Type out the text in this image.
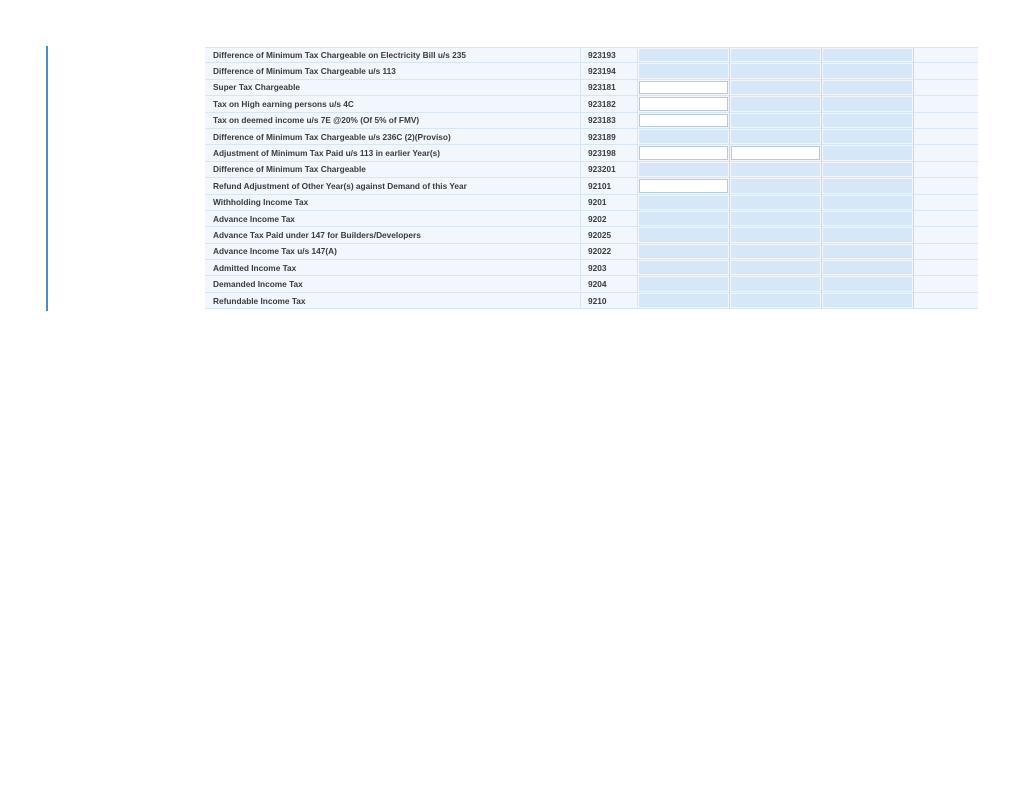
Difference of Minimum Tax Chargeable on Electricity Bill u/s 235	923193
Difference of Minimum Tax Chargeable u/s 113	923194
Super Tax Chargeable	923181
Tax on High earning persons u/s 4C	923182
Tax on deemed income u/s 7E @20% (Of 5% of FMV)	923183
Difference of Minimum Tax Chargeable u/s 236C (2)(Proviso)	923189
Adjustment of Minimum Tax Paid u/s 113 in earlier Year(s)	923198
Difference of Minimum Tax Chargeable	923201
Refund Adjustment of Other Year(s) against Demand of this Year	92101
Withholding Income Tax	9201
Advance Income Tax	9202
Advance Tax Paid under 147 for Builders/Developers	92025
Advance Income Tax u/s 147(A)	92022
Admitted Income Tax	9203
Demanded Income Tax	9204
Refundable Income Tax	9210
